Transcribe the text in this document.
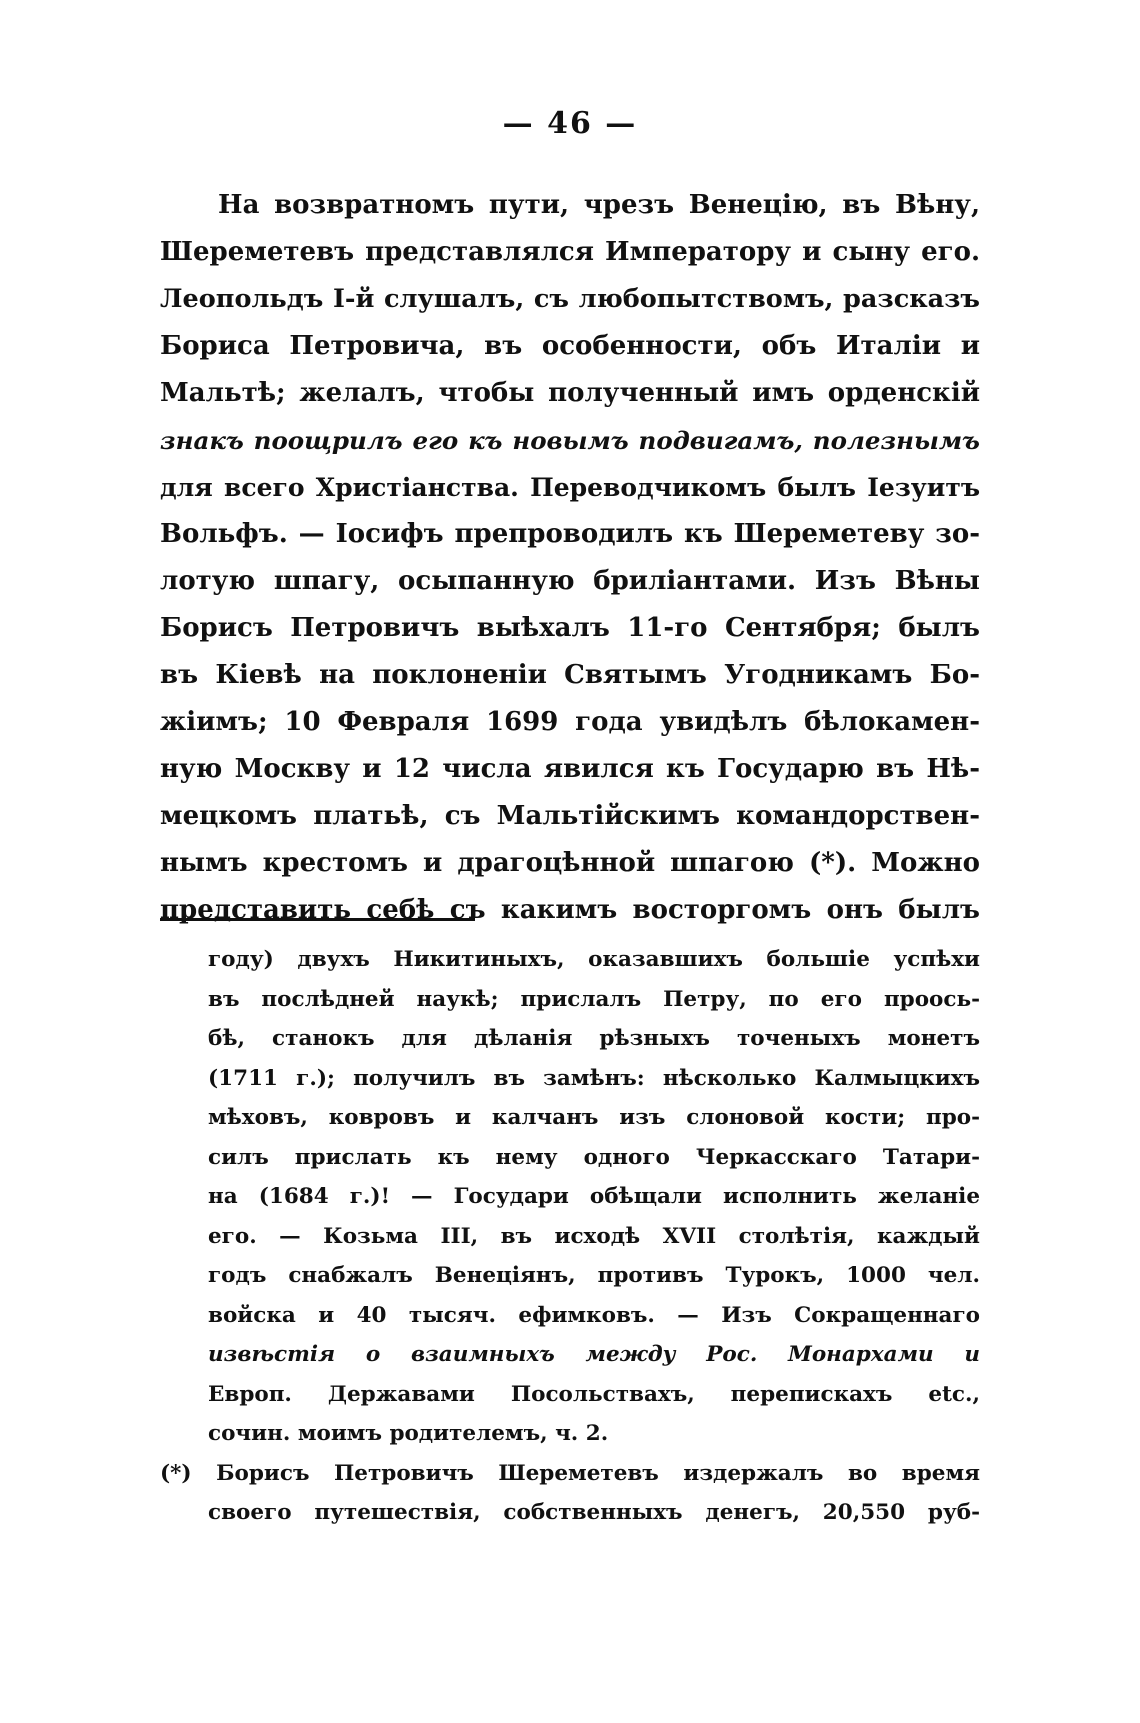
— 46 —
На возвратномъ пути, чрезъ Венецію, въ Вѣну,
Шереметевъ представлялся Императору и сыну его.
Леопольдъ I-й слушалъ, съ любопытствомъ, разсказъ
Бориса Петровича, въ особенности, объ Италіи и
Мальтѣ; желалъ, чтобы полученный имъ орденскій
знакъ поощрилъ его къ новымъ подвигамъ, полезнымъ
для всего Христіанства. Переводчикомъ былъ Іезуитъ
Вольфъ. — Іосифъ препроводилъ къ Шереметеву зо-
лотую шпагу, осыпанную бриліантами. Изъ Вѣны
Борисъ Петровичъ выѣхалъ 11-го Сентября; былъ
въ Кіевѣ на поклоненіи Святымъ Угодникамъ Бо-
жіимъ; 10 Февраля 1699 года увидѣлъ бѣлокамен-
ную Москву и 12 числа явился къ Государю въ Нѣ-
мецкомъ платьѣ, съ Мальтійскимъ командорствен-
нымъ крестомъ и драгоцѣнной шпагою (*). Можно
представить себѣ съ какимъ восторгомъ онъ былъ
году) двухъ Никитиныхъ, оказавшихъ большіе успѣхи
въ послѣдней наукѣ; прислалъ Петру, по его проось-
бѣ, станокъ для дѣланія рѣзныхъ точеныхъ монетъ
(1711 г.); получилъ въ замѣнъ: нѣсколько Калмыцкихъ
мѣховъ, ковровъ и калчанъ изъ слоновой кости; про-
силъ прислать къ нему одного Черкасскаго Татари-
на (1684 г.)! — Государи обѣщали исполнить желаніе
его. — Козьма III, въ исходѣ XVII столѣтія, каждый
годъ снабжалъ Венеціянъ, противъ Турокъ, 1000 чел.
войска и 40 тысяч. ефимковъ. — Изъ Сокращеннаго
извѣстія о взаимныхъ между Рос. Монархами и
Европ. Державами Посольствахъ, перепискахъ etc.,
сочин. моимъ родителемъ, ч. 2.
(*) Борисъ Петровичъ Шереметевъ издержалъ во время
своего путешествія, собственныхъ денегъ, 20,550 руб-
